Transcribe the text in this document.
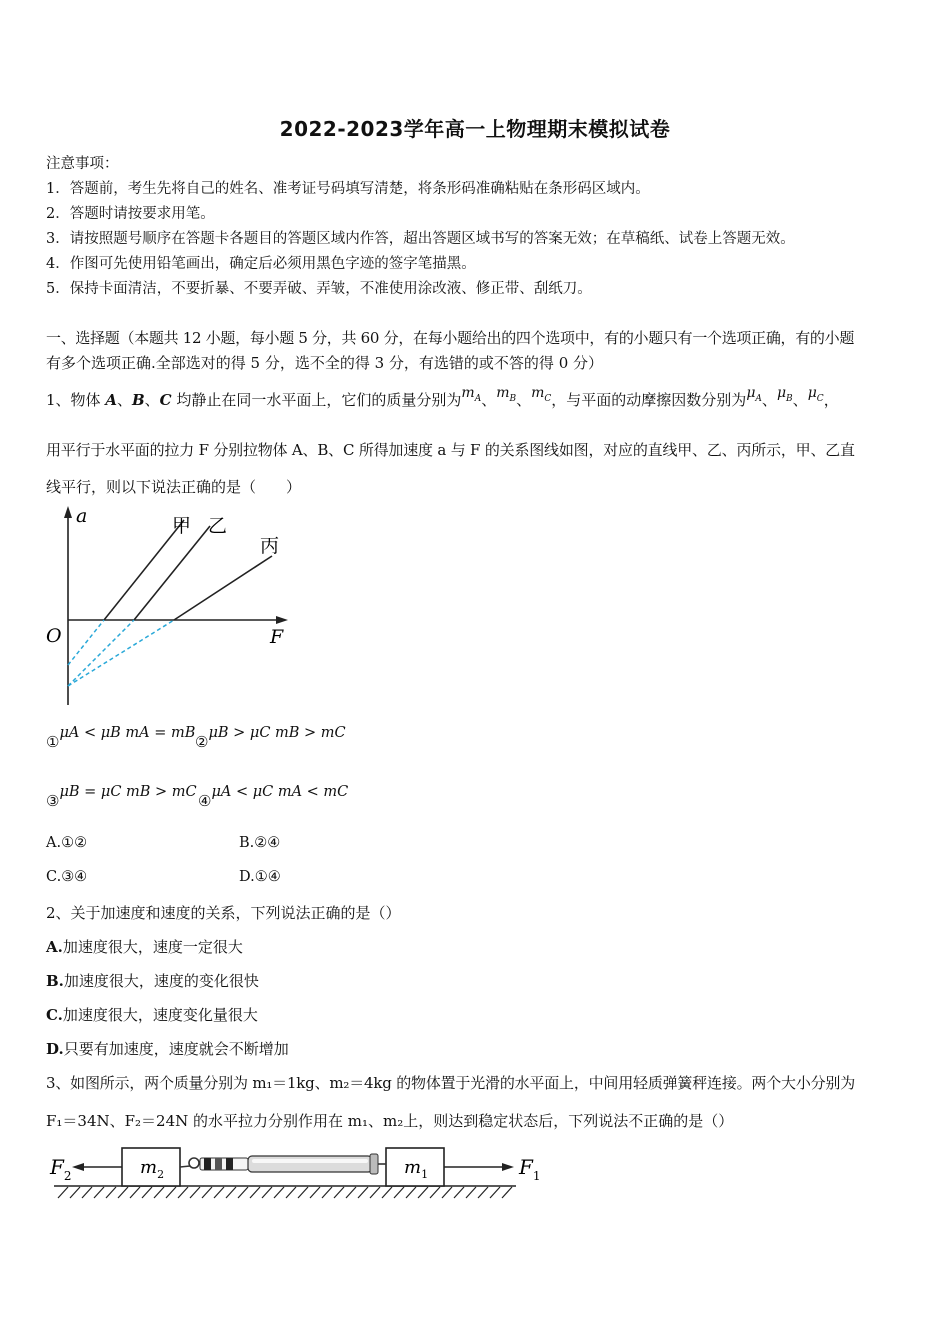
2022-2023学年高一上物理期末模拟试卷
注意事项：
1．答题前，考生先将自己的姓名、准考证号码填写清楚，将条形码准确粘贴在条形码区域内。
2．答题时请按要求用笔。
3．请按照题号顺序在答题卡各题目的答题区域内作答，超出答题区域书写的答案无效；在草稿纸、试卷上答题无效。
4．作图可先使用铅笔画出，确定后必须用黑色字迹的签字笔描黑。
5．保持卡面清洁，不要折暴、不要弄破、弄皱，不准使用涂改液、修正带、刮纸刀。
一、选择题（本题共 12 小题，每小题 5 分，共 60 分，在每小题给出的四个选项中，有的小题只有一个选项正确，有的小题
有多个选项正确.全部选对的得 5 分，选不全的得 3 分，有选错的或不答的得 0 分）
1、物体 A、B、C 均静止在同一水平面上，它们的质量分别为$m_A$、$m_B$、$m_C$，与平面的动摩擦因数分别为$\mu_A$、$\mu_B$、$\mu_C$，
用平行于水平面的拉力 F 分别拉物体 A、B、C 所得加速度 a 与 F 的关系图线如图，对应的直线甲、乙、丙所示，甲、乙直
线平行，则以下说法正确的是（　　）
a
F
O
甲 乙
丙
①μA < μB mA = mB ②μB > μC mB > mC
③μB = μC mB > mC ④μA < μC mA < mC
A.①②	B.②④
C.③④	D.①④
2、关于加速度和速度的关系，下列说法正确的是（）
A.加速度很大，速度一定很大
B.加速度很大，速度的变化很快
C.加速度很大，速度变化量很大
D.只要有加速度，速度就会不断增加
3、如图所示，两个质量分别为 m₁＝1kg、m₂＝4kg 的物体置于光滑的水平面上，中间用轻质弹簧秤连接。两个大小分别为
F₁＝34N、F₂＝24N 的水平拉力分别作用在 m₁、m₂上，则达到稳定状态后，下列说法不正确的是（）
$F_2$	$m_2$	$m_1$	$F_1$
